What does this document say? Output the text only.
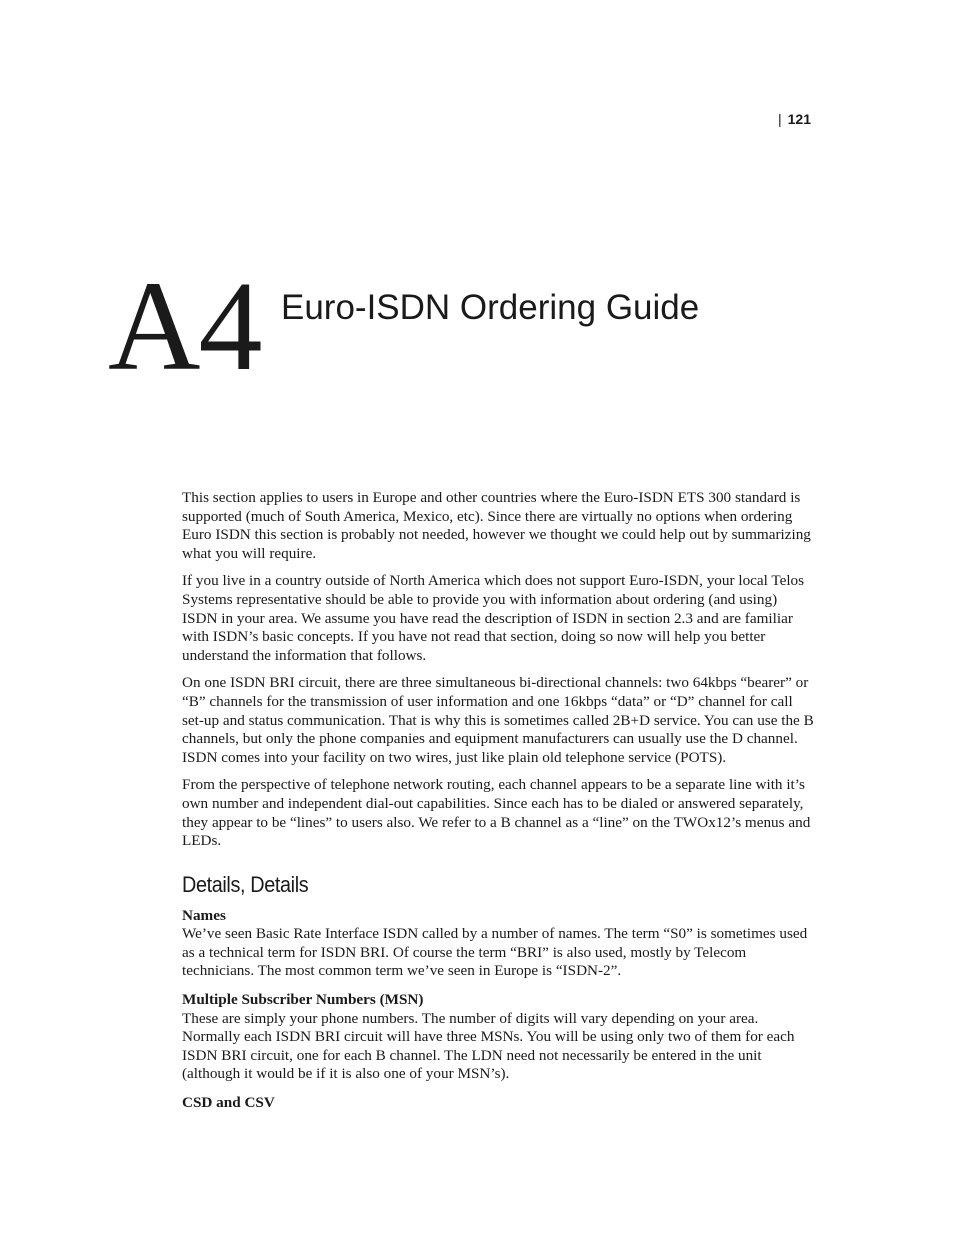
| 121
A4 Euro-ISDN Ordering Guide

This section applies to users in Europe and other countries where the Euro-ISDN ETS 300 standard is supported (much of South America, Mexico, etc). Since there are virtually no options when ordering Euro ISDN this section is probably not needed, however we thought we could help out by summarizing what you will require.

If you live in a country outside of North America which does not support Euro-ISDN, your local Telos Systems representative should be able to provide you with information about ordering (and using) ISDN in your area. We assume you have read the description of ISDN in section 2.3 and are familiar with ISDN’s basic concepts. If you have not read that section, doing so now will help you better understand the information that follows.

On one ISDN BRI circuit, there are three simultaneous bi-directional channels: two 64kbps “bearer” or “B” channels for the transmission of user information and one 16kbps “data” or “D” channel for call set-up and status communication. That is why this is sometimes called 2B+D service. You can use the B channels, but only the phone companies and equipment manufacturers can usually use the D channel. ISDN comes into your facility on two wires, just like plain old telephone service (POTS).

From the perspective of telephone network routing, each channel appears to be a separate line with it’s own number and independent dial-out capabilities. Since each has to be dialed or answered separately, they appear to be “lines” to users also. We refer to a B channel as a “line” on the TWOx12’s menus and LEDs.

Details, Details
Names
We’ve seen Basic Rate Interface ISDN called by a number of names. The term “S0” is sometimes used as a technical term for ISDN BRI. Of course the term “BRI” is also used, mostly by Telecom technicians. The most common term we’ve seen in Europe is “ISDN-2”.
Multiple Subscriber Numbers (MSN)
These are simply your phone numbers. The number of digits will vary depending on your area. Normally each ISDN BRI circuit will have three MSNs. You will be using only two of them for each ISDN BRI circuit, one for each B channel. The LDN need not necessarily be entered in the unit (although it would be if it is also one of your MSN’s).
CSD and CSV
